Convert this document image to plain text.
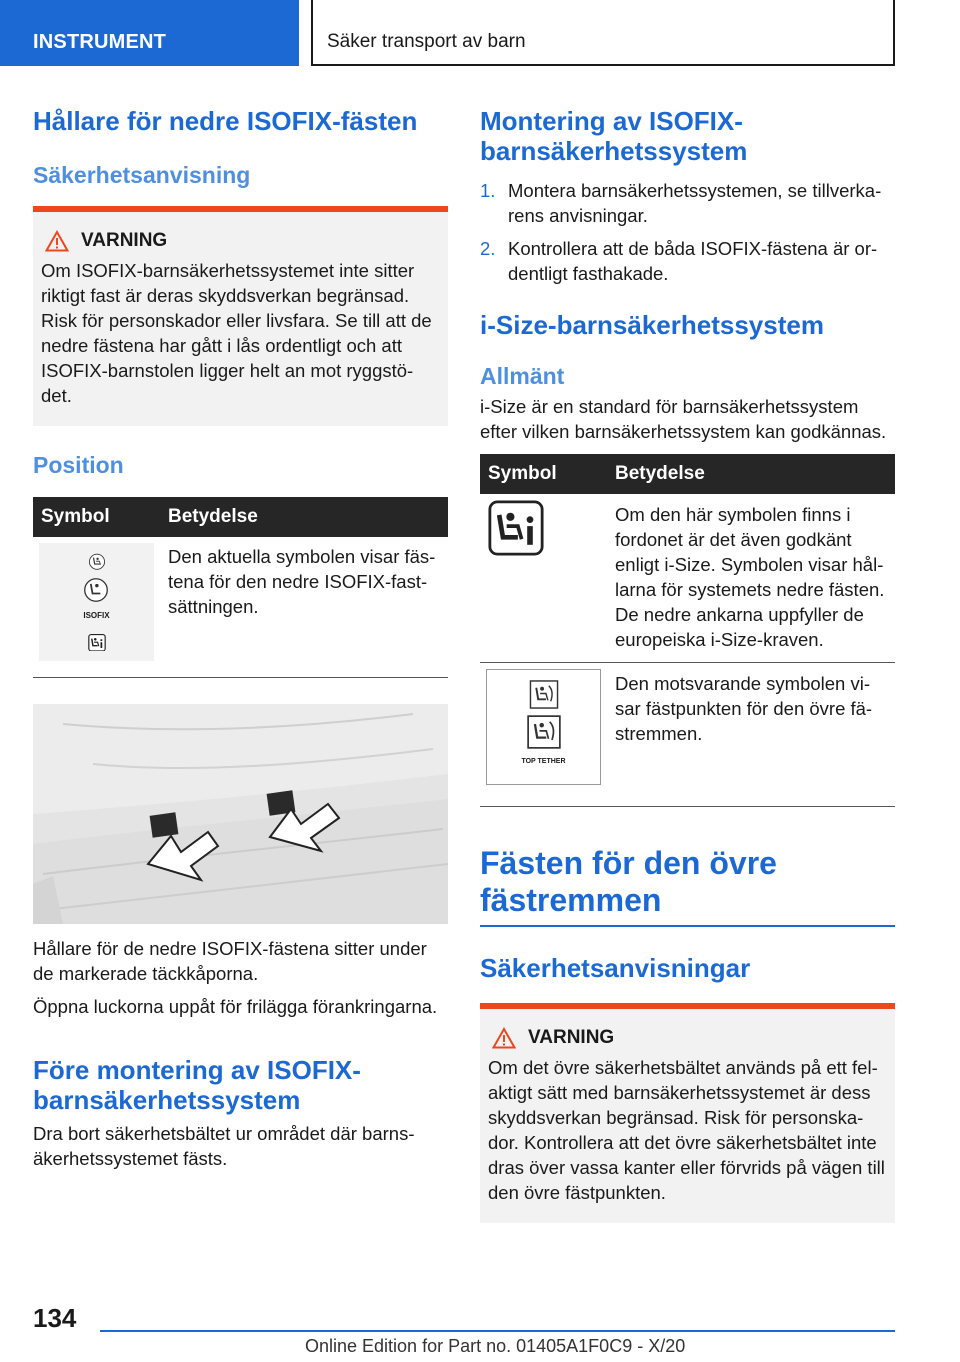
INSTRUMENT	Säker transport av barn
Hållare för nedre ISOFIX-fästen
Säkerhetsanvisning
VARNING

Om ISOFIX-barnsäkerhetssystemet inte sitter riktigt fast är deras skyddsverkan begränsad. Risk för personskador eller livsfara. Se till att de nedre fästena har gått i lås ordentligt och att ISOFIX-barnstolen ligger helt an mot ryggstö-det.

Position
Symbol	Betydelse

ISOFIX	Den aktuella symbolen visar fäs-tena för den nedre ISOFIX-fast-sättningen.

Hållare för de nedre ISOFIX-fästena sitter under de markerade täckkåporna.

Öppna luckorna uppåt för frilägga förankringarna.

Före montering av ISOFIX-barnsäkerhetssystem

Dra bort säkerhetsbältet ur området där barns-äkerhetssystemet fästs.

Montering av ISOFIX-barnsäkerhetssystem
1. Montera barnsäkerhetssystemen, se tillverka-rens anvisningar.
2. Kontrollera att de båda ISOFIX-fästena är or-dentligt fasthakade.
i-Size-barnsäkerhetssystem
Allmänt

i-Size är en standard för barnsäkerhetssystem efter vilken barnsäkerhetssystem kan godkännas.

Symbol	Betydelse
	Om den här symbolen finns i fordonet är det även godkänt enligt i-Size. Symbolen visar hål-larna för systemets nedre fästen. De nedre ankarna uppfyller de europeiska i-Size-kraven.

TOP TETHER	Den motsvarande symbolen vi-sar fästpunkten för den övre fä-stremmen.
Fästen för den övre fästremmen
Säkerhetsanvisningar
VARNING

Om det övre säkerhetsbältet används på ett fel-aktigt sätt med barnsäkerhetssystemet är dess skyddsverkan begränsad. Risk för personska-dor. Kontrollera att det övre säkerhetsbältet inte dras över vassa kanter eller förvrids på vägen till den övre fästpunkten.

134
Online Edition for Part no. 01405A1F0C9 - X/20
